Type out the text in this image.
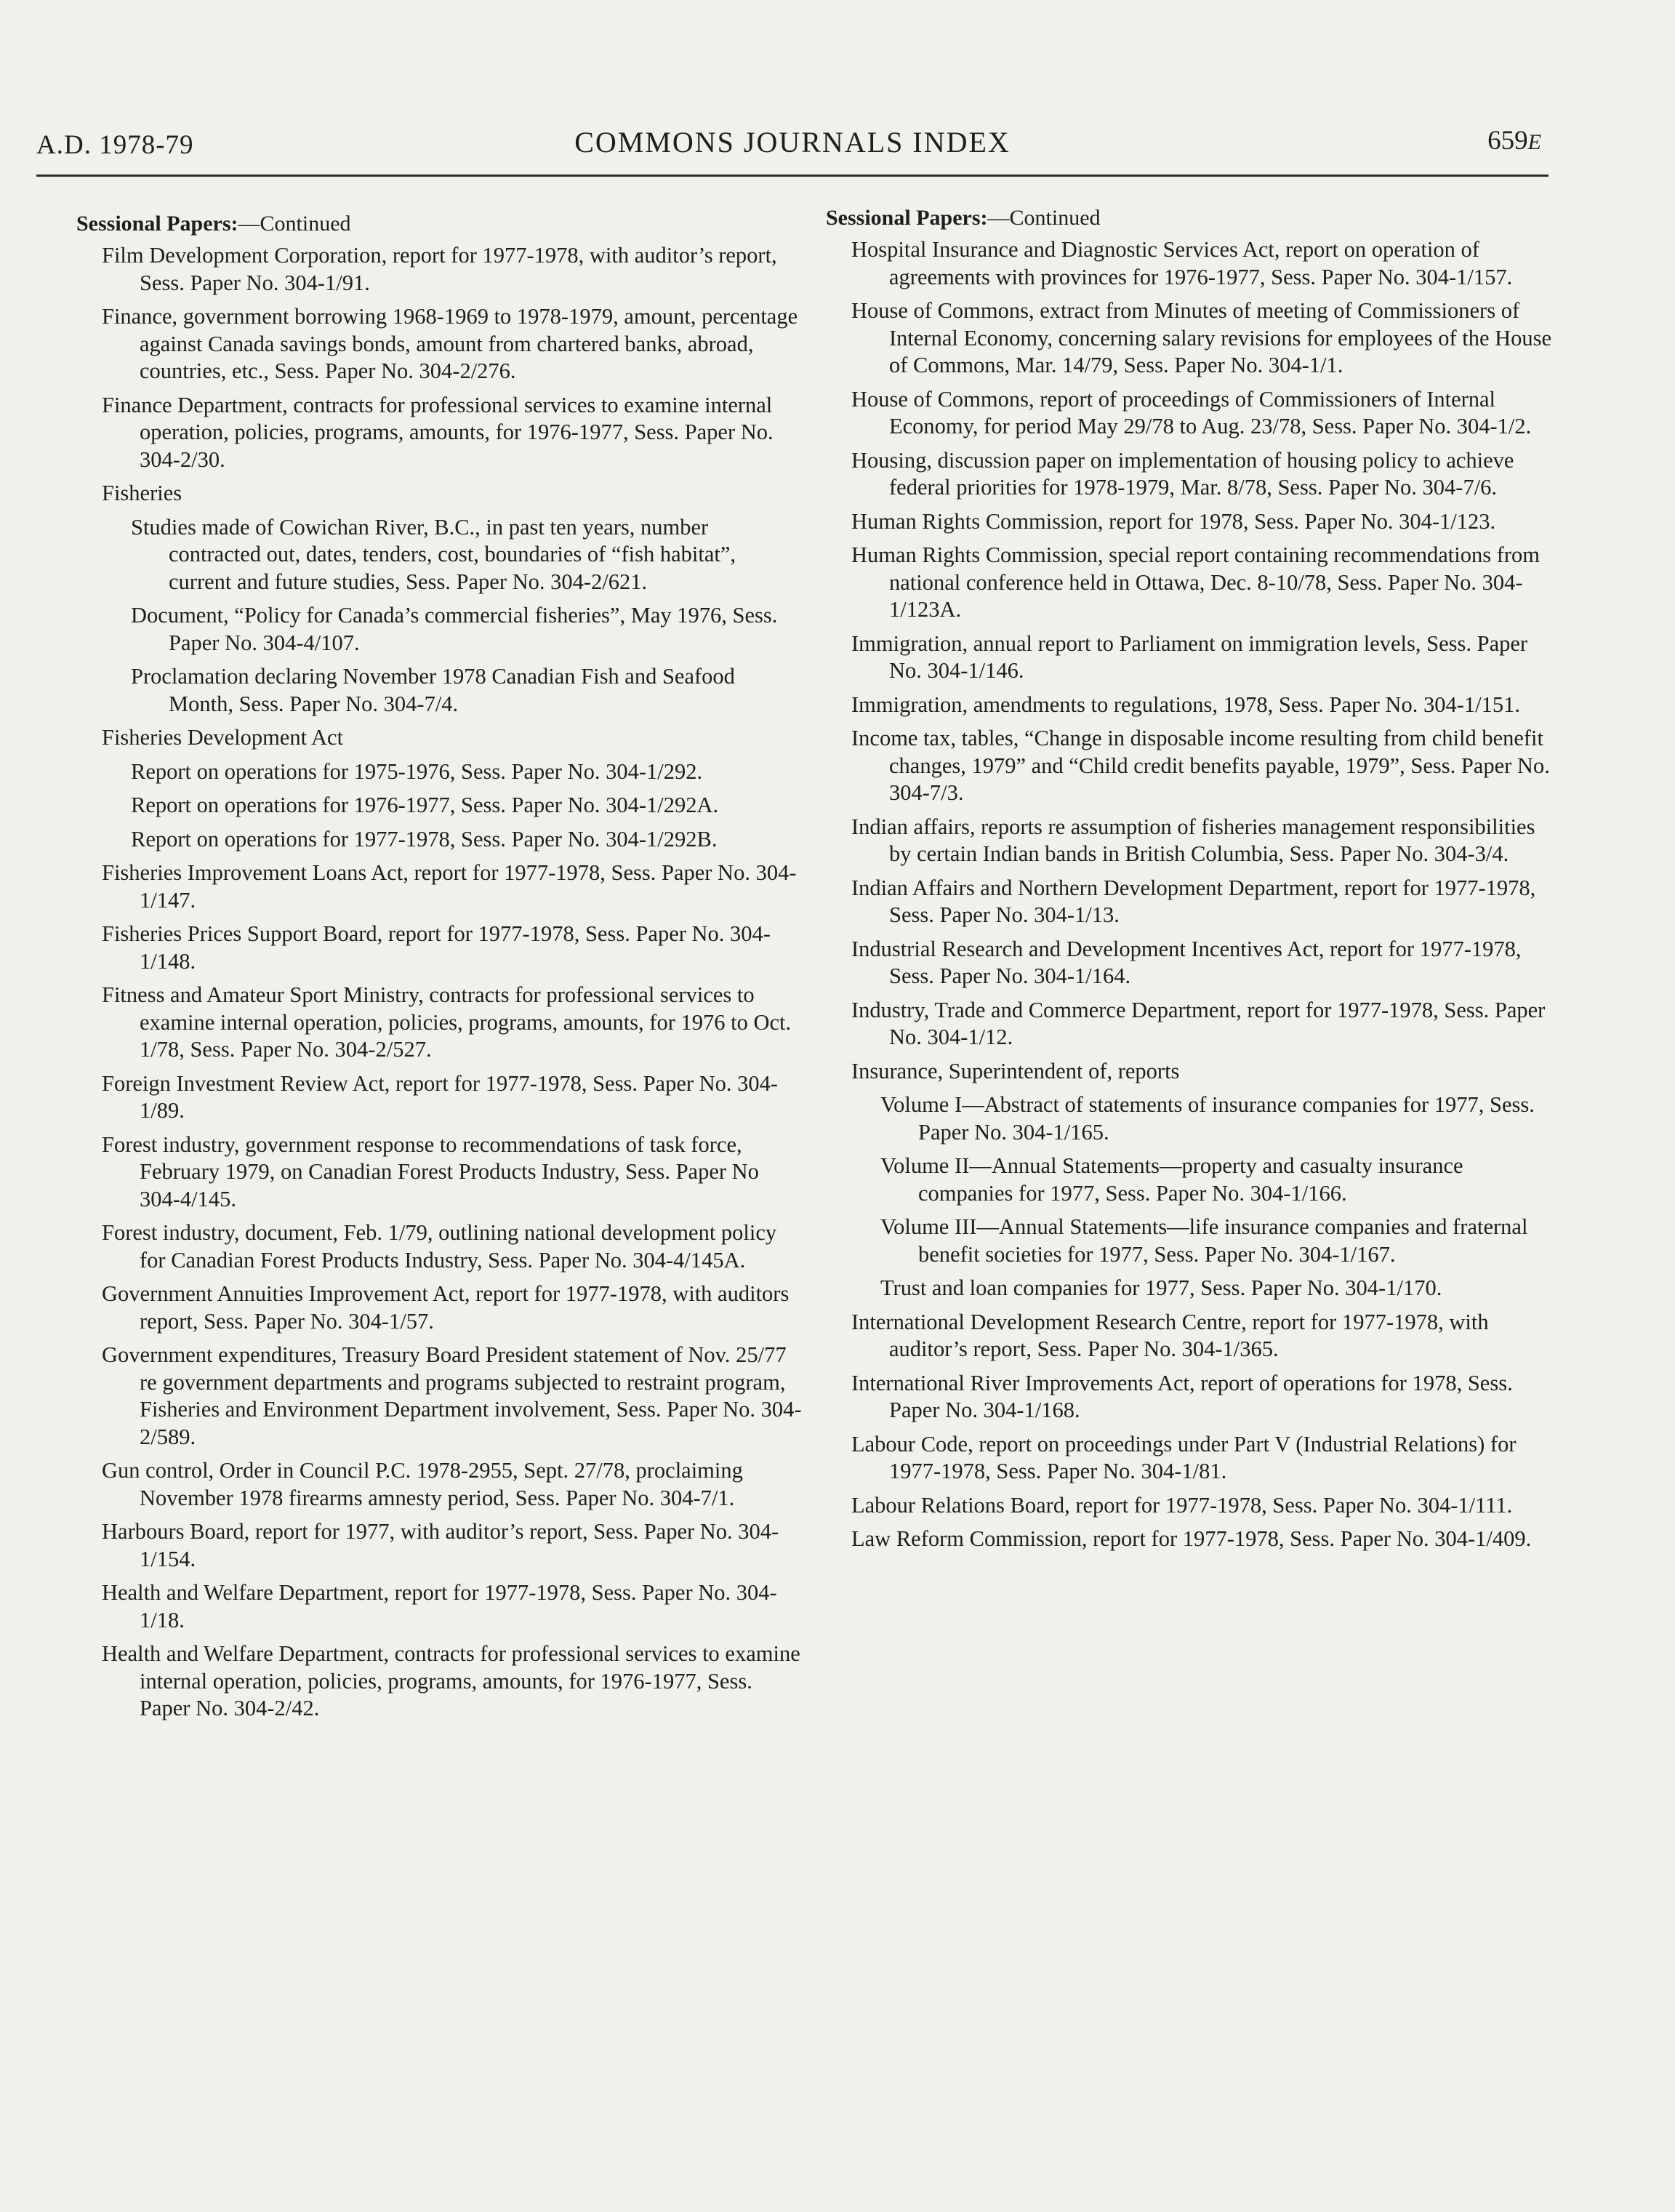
A.D. 1978-79	COMMONS JOURNALS INDEX	659E
Sessional Papers:—Continued
Film Development Corporation, report for 1977-1978, with auditor’s report, Sess. Paper No. 304-1/91.
Finance, government borrowing 1968-1969 to 1978-1979, amount, percentage against Canada savings bonds, amount from chartered banks, abroad, countries, etc., Sess. Paper No. 304-2/276.
Finance Department, contracts for professional services to examine internal operation, policies, programs, amounts, for 1976-1977, Sess. Paper No. 304-2/30.
Fisheries
Studies made of Cowichan River, B.C., in past ten years, number contracted out, dates, tenders, cost, boundaries of “fish habitat”, current and future studies, Sess. Paper No. 304-2/621.
Document, “Policy for Canada’s commercial fisheries”, May 1976, Sess. Paper No. 304-4/107.
Proclamation declaring November 1978 Canadian Fish and Seafood Month, Sess. Paper No. 304-7/4.
Fisheries Development Act
Report on operations for 1975-1976, Sess. Paper No. 304-1/292.
Report on operations for 1976-1977, Sess. Paper No. 304-1/292A.
Report on operations for 1977-1978, Sess. Paper No. 304-1/292B.
Fisheries Improvement Loans Act, report for 1977-1978, Sess. Paper No. 304-1/147.
Fisheries Prices Support Board, report for 1977-1978, Sess. Paper No. 304-1/148.
Fitness and Amateur Sport Ministry, contracts for professional services to examine internal operation, policies, programs, amounts, for 1976 to Oct. 1/78, Sess. Paper No. 304-2/527.
Foreign Investment Review Act, report for 1977-1978, Sess. Paper No. 304-1/89.
Forest industry, government response to recommendations of task force, February 1979, on Canadian Forest Products Industry, Sess. Paper No 304-4/145.
Forest industry, document, Feb. 1/79, outlining national development policy for Canadian Forest Products Industry, Sess. Paper No. 304-4/145A.
Government Annuities Improvement Act, report for 1977-1978, with auditors report, Sess. Paper No. 304-1/57.
Government expenditures, Treasury Board President statement of Nov. 25/77 re government departments and programs subjected to restraint program, Fisheries and Environment Department involvement, Sess. Paper No. 304-2/589.
Gun control, Order in Council P.C. 1978-2955, Sept. 27/78, proclaiming November 1978 firearms amnesty period, Sess. Paper No. 304-7/1.
Harbours Board, report for 1977, with auditor’s report, Sess. Paper No. 304-1/154.
Health and Welfare Department, report for 1977-1978, Sess. Paper No. 304-1/18.
Health and Welfare Department, contracts for professional services to examine internal operation, policies, programs, amounts, for 1976-1977, Sess. Paper No. 304-2/42.
Sessional Papers:—Continued
Hospital Insurance and Diagnostic Services Act, report on operation of agreements with provinces for 1976-1977, Sess. Paper No. 304-1/157.
House of Commons, extract from Minutes of meeting of Commissioners of Internal Economy, concerning salary revisions for employees of the House of Commons, Mar. 14/79, Sess. Paper No. 304-1/1.
House of Commons, report of proceedings of Commissioners of Internal Economy, for period May 29/78 to Aug. 23/78, Sess. Paper No. 304-1/2.
Housing, discussion paper on implementation of housing policy to achieve federal priorities for 1978-1979, Mar. 8/78, Sess. Paper No. 304-7/6.
Human Rights Commission, report for 1978, Sess. Paper No. 304-1/123.
Human Rights Commission, special report containing recommendations from national conference held in Ottawa, Dec. 8-10/78, Sess. Paper No. 304-1/123A.
Immigration, annual report to Parliament on immigration levels, Sess. Paper No. 304-1/146.
Immigration, amendments to regulations, 1978, Sess. Paper No. 304-1/151.
Income tax, tables, “Change in disposable income resulting from child benefit changes, 1979” and “Child credit benefits payable, 1979”, Sess. Paper No. 304-7/3.
Indian affairs, reports re assumption of fisheries management responsibilities by certain Indian bands in British Columbia, Sess. Paper No. 304-3/4.
Indian Affairs and Northern Development Department, report for 1977-1978, Sess. Paper No. 304-1/13.
Industrial Research and Development Incentives Act, report for 1977-1978, Sess. Paper No. 304-1/164.
Industry, Trade and Commerce Department, report for 1977-1978, Sess. Paper No. 304-1/12.
Insurance, Superintendent of, reports
Volume I—Abstract of statements of insurance companies for 1977, Sess. Paper No. 304-1/165.
Volume II—Annual Statements—property and casualty insurance companies for 1977, Sess. Paper No. 304-1/166.
Volume III—Annual Statements—life insurance companies and fraternal benefit societies for 1977, Sess. Paper No. 304-1/167.
Trust and loan companies for 1977, Sess. Paper No. 304-1/170.
International Development Research Centre, report for 1977-1978, with auditor’s report, Sess. Paper No. 304-1/365.
International River Improvements Act, report of operations for 1978, Sess. Paper No. 304-1/168.
Labour Code, report on proceedings under Part V (Industrial Relations) for 1977-1978, Sess. Paper No. 304-1/81.
Labour Relations Board, report for 1977-1978, Sess. Paper No. 304-1/111.
Law Reform Commission, report for 1977-1978, Sess. Paper No. 304-1/409.
